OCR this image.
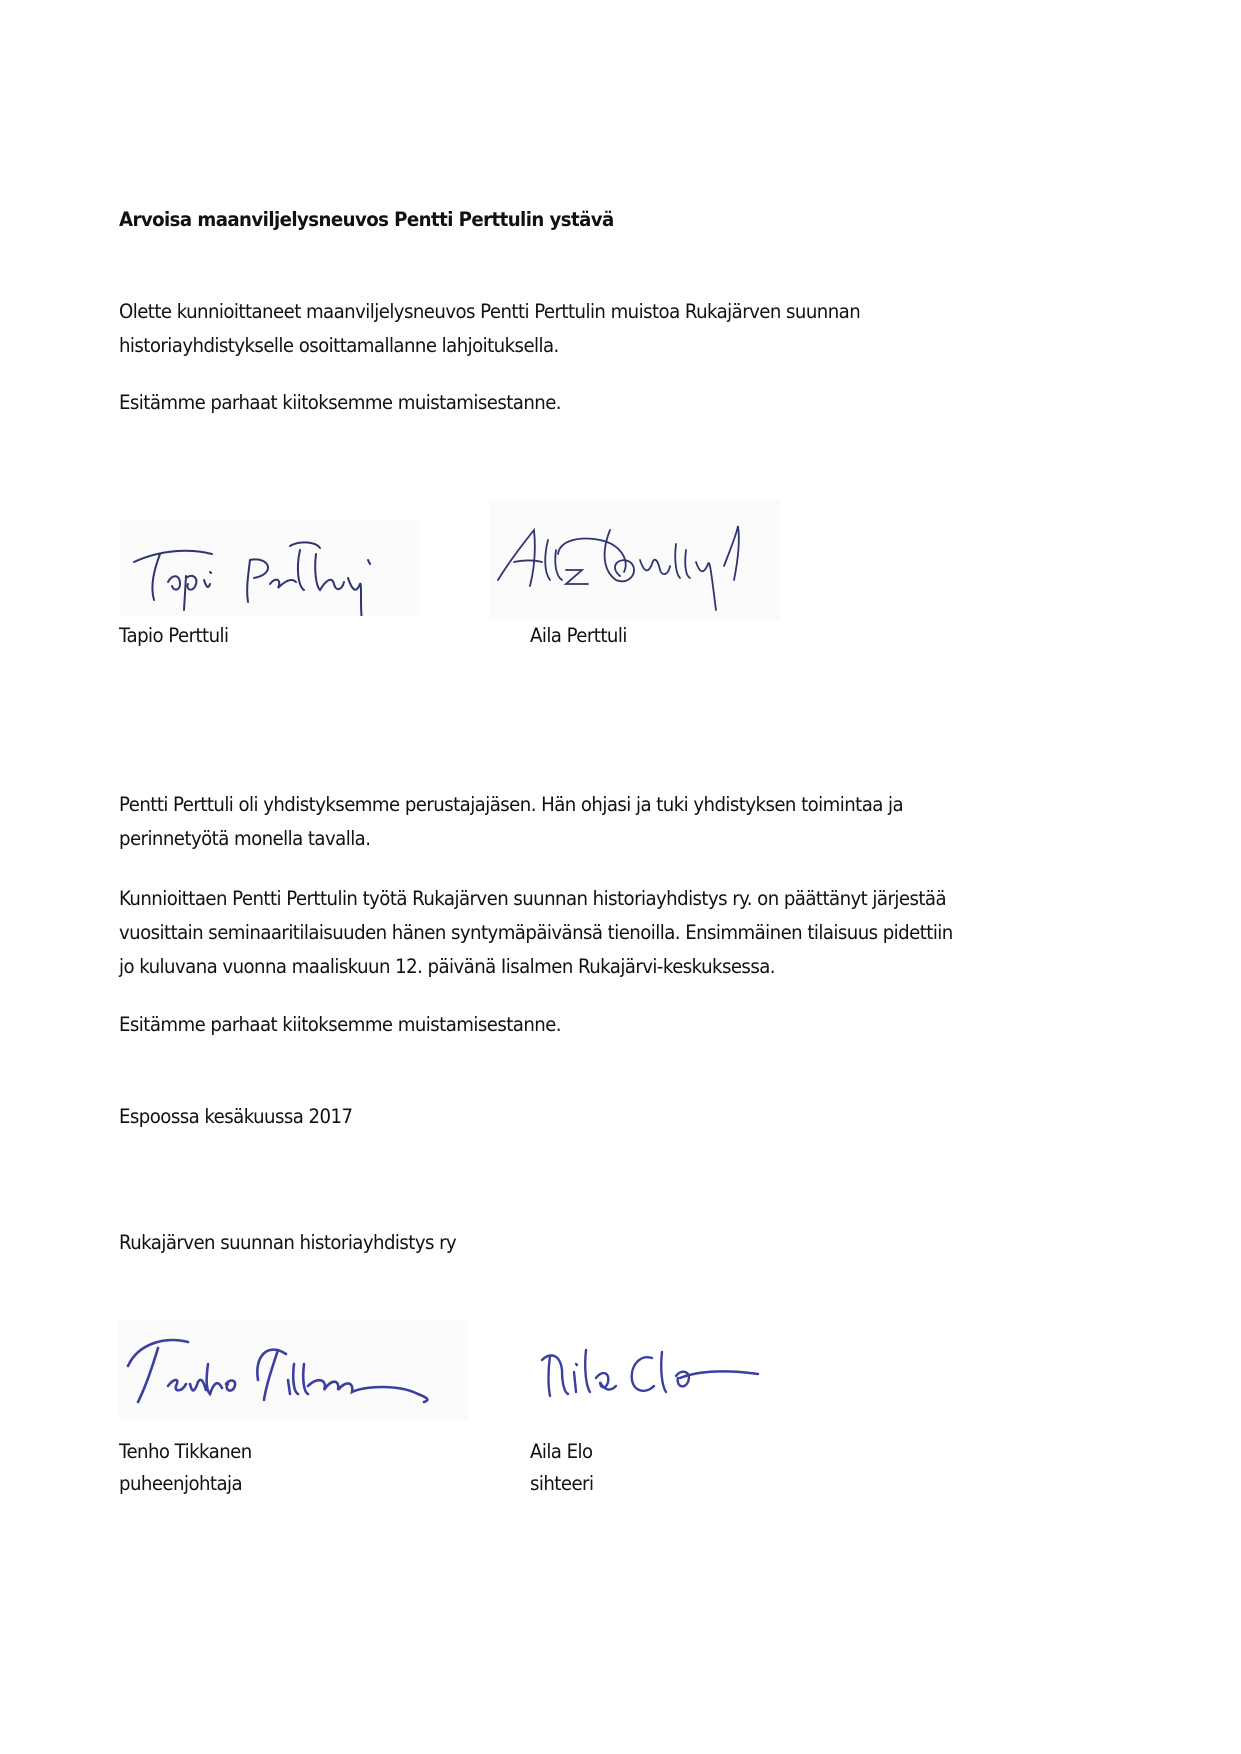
Arvoisa maanviljelysneuvos Pentti Perttulin ystävä
Olette kunnioittaneet maanviljelysneuvos Pentti Perttulin muistoa Rukajärven suunnan
historiayhdistykselle osoittamallanne lahjoituksella.
Esitämme parhaat kiitoksemme muistamisestanne.
Tapio Perttuli	Aila Perttuli
Pentti Perttuli oli yhdistyksemme perustajajäsen. Hän ohjasi ja tuki yhdistyksen toimintaa ja
perinnetyötä monella tavalla.
Kunnioittaen Pentti Perttulin työtä Rukajärven suunnan historiayhdistys ry. on päättänyt järjestää
vuosittain seminaaritilaisuuden hänen syntymäpäivänsä tienoilla. Ensimmäinen tilaisuus pidettiin
jo kuluvana vuonna maaliskuun 12. päivänä Iisalmen Rukajärvi-keskuksessa.
Esitämme parhaat kiitoksemme muistamisestanne.
Espoossa kesäkuussa 2017
Rukajärven suunnan historiayhdistys ry
Tenho Tikkanen	Aila Elo
puheenjohtaja	sihteeri
